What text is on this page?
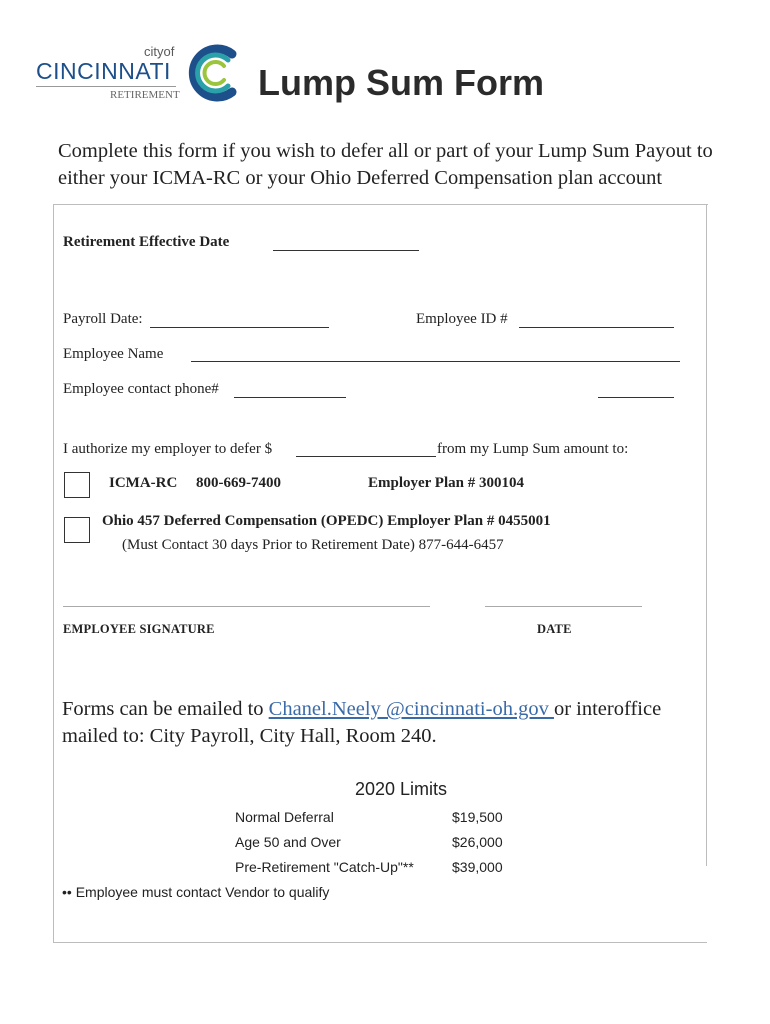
cityof
CINCINNATI
RETIREMENT Lump Sum Form
Complete this form if you wish to defer all or part of your Lump Sum Payout to either your ICMA-RC or your Ohio Deferred Compensation plan account
Retirement Effective Date
Payroll Date:	Employee ID #
Employee Name
Employee contact phone#
I authorize my employer to defer $	from my Lump Sum amount to:
ICMA-RC 800-669-7400	Employer Plan # 300104
Ohio 457 Deferred Compensation (OPEDC) Employer Plan # 0455001
(Must Contact 30 days Prior to Retirement Date) 877-644-6457
EMPLOYEE SIGNATURE	DATE
Forms can be emailed to Chanel.Neely @cincinnati-oh.gov or interoffice mailed to: City Payroll, City Hall, Room 240.
2020 Limits
Normal Deferral	$19,500
Age 50 and Over	$26,000
Pre-Retirement "Catch-Up"**	$39,000
•• Employee must contact Vendor to qualify
